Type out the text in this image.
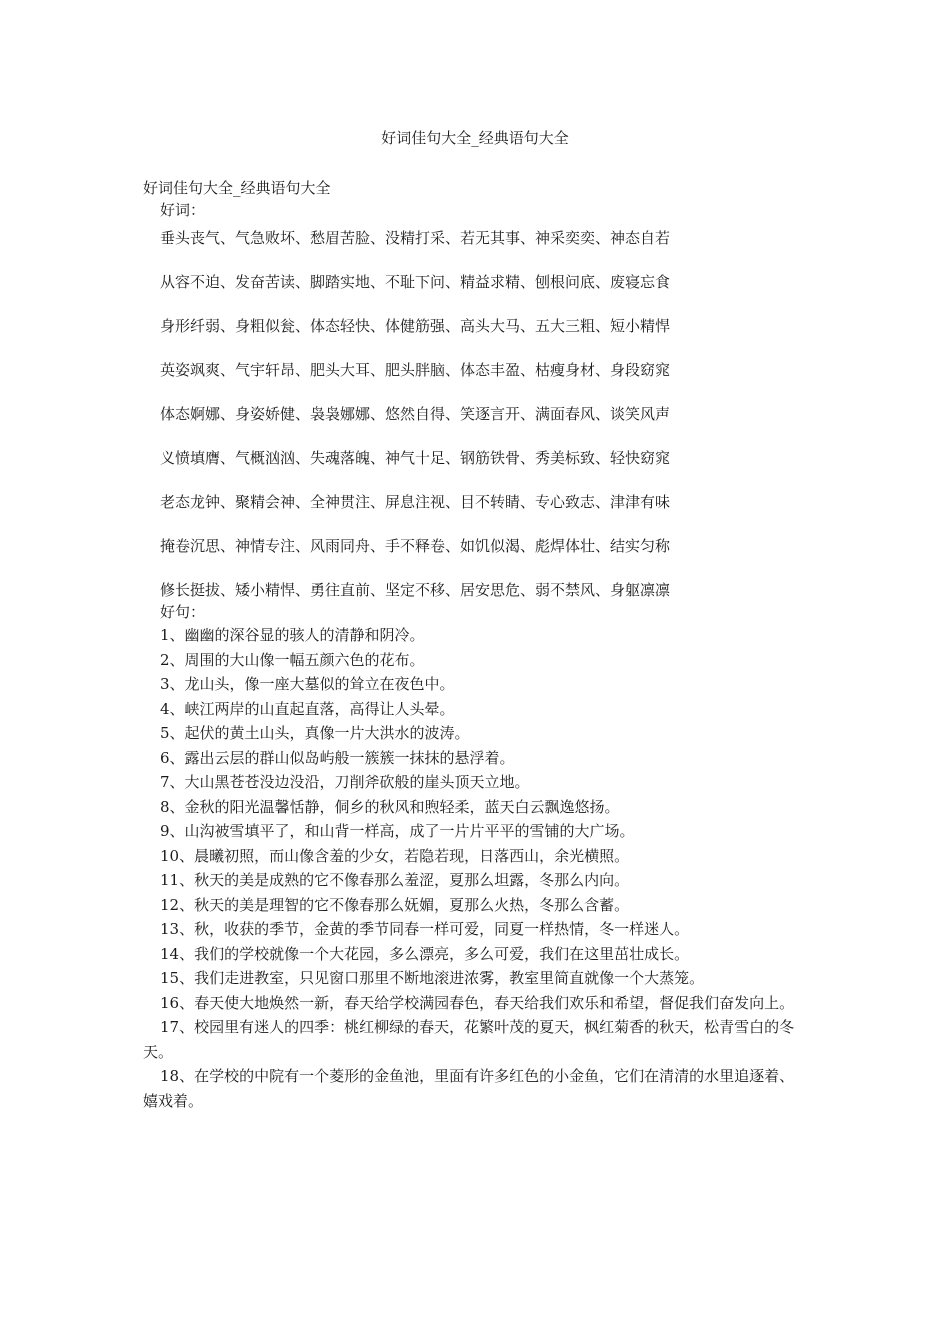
好词佳句大全_经典语句大全
好词佳句大全_经典语句大全
好词：
垂头丧气、气急败坏、愁眉苦脸、没精打采、若无其事、神采奕奕、神态自若
从容不迫、发奋苦读、脚踏实地、不耻下问、精益求精、刨根问底、废寝忘食
身形纤弱、身粗似瓮、体态轻快、体健筋强、高头大马、五大三粗、短小精悍
英姿飒爽、气宇轩昂、肥头大耳、肥头胖脑、体态丰盈、枯瘦身材、身段窈窕
体态婀娜、身姿娇健、袅袅娜娜、悠然自得、笑逐言开、满面春风、谈笑风声
义愤填膺、气概汹汹、失魂落魄、神气十足、钢筋铁骨、秀美标致、轻快窈窕
老态龙钟、聚精会神、全神贯注、屏息注视、目不转睛、专心致志、津津有味
掩卷沉思、神情专注、风雨同舟、手不释卷、如饥似渴、彪焊体壮、结实匀称
修长挺拔、矮小精悍、勇往直前、坚定不移、居安思危、弱不禁风、身躯凛凛
好句：
1、幽幽的深谷显的骇人的清静和阴冷。
2、周围的大山像一幅五颜六色的花布。
3、龙山头，像一座大墓似的耸立在夜色中。
4、峡江两岸的山直起直落，高得让人头晕。
5、起伏的黄土山头，真像一片大洪水的波涛。
6、露出云层的群山似岛屿般一簇簇一抹抹的悬浮着。
7、大山黑苍苍没边没沿，刀削斧砍般的崖头顶天立地。
8、金秋的阳光温馨恬静，侗乡的秋风和煦轻柔，蓝天白云飘逸悠扬。
9、山沟被雪填平了，和山背一样高，成了一片片平平的雪铺的大广场。
10、晨曦初照，而山像含羞的少女，若隐若现，日落西山，余光横照。
11、秋天的美是成熟的它不像春那么羞涩，夏那么坦露，冬那么内向。
12、秋天的美是理智的它不像春那么妩媚，夏那么火热，冬那么含蓄。
13、秋，收获的季节，金黄的季节同春一样可爱，同夏一样热情，冬一样迷人。
14、我们的学校就像一个大花园，多么漂亮，多么可爱，我们在这里茁壮成长。
15、我们走进教室，只见窗口那里不断地滚进浓雾，教室里简直就像一个大蒸笼。
16、春天使大地焕然一新，春天给学校满园春色，春天给我们欢乐和希望，督促我们奋发向上。
17、校园里有迷人的四季：桃红柳绿的春天，花繁叶茂的夏天，枫红菊香的秋天，松青雪白的冬天。
18、在学校的中院有一个菱形的金鱼池，里面有许多红色的小金鱼，它们在清清的水里追逐着、嬉戏着。
